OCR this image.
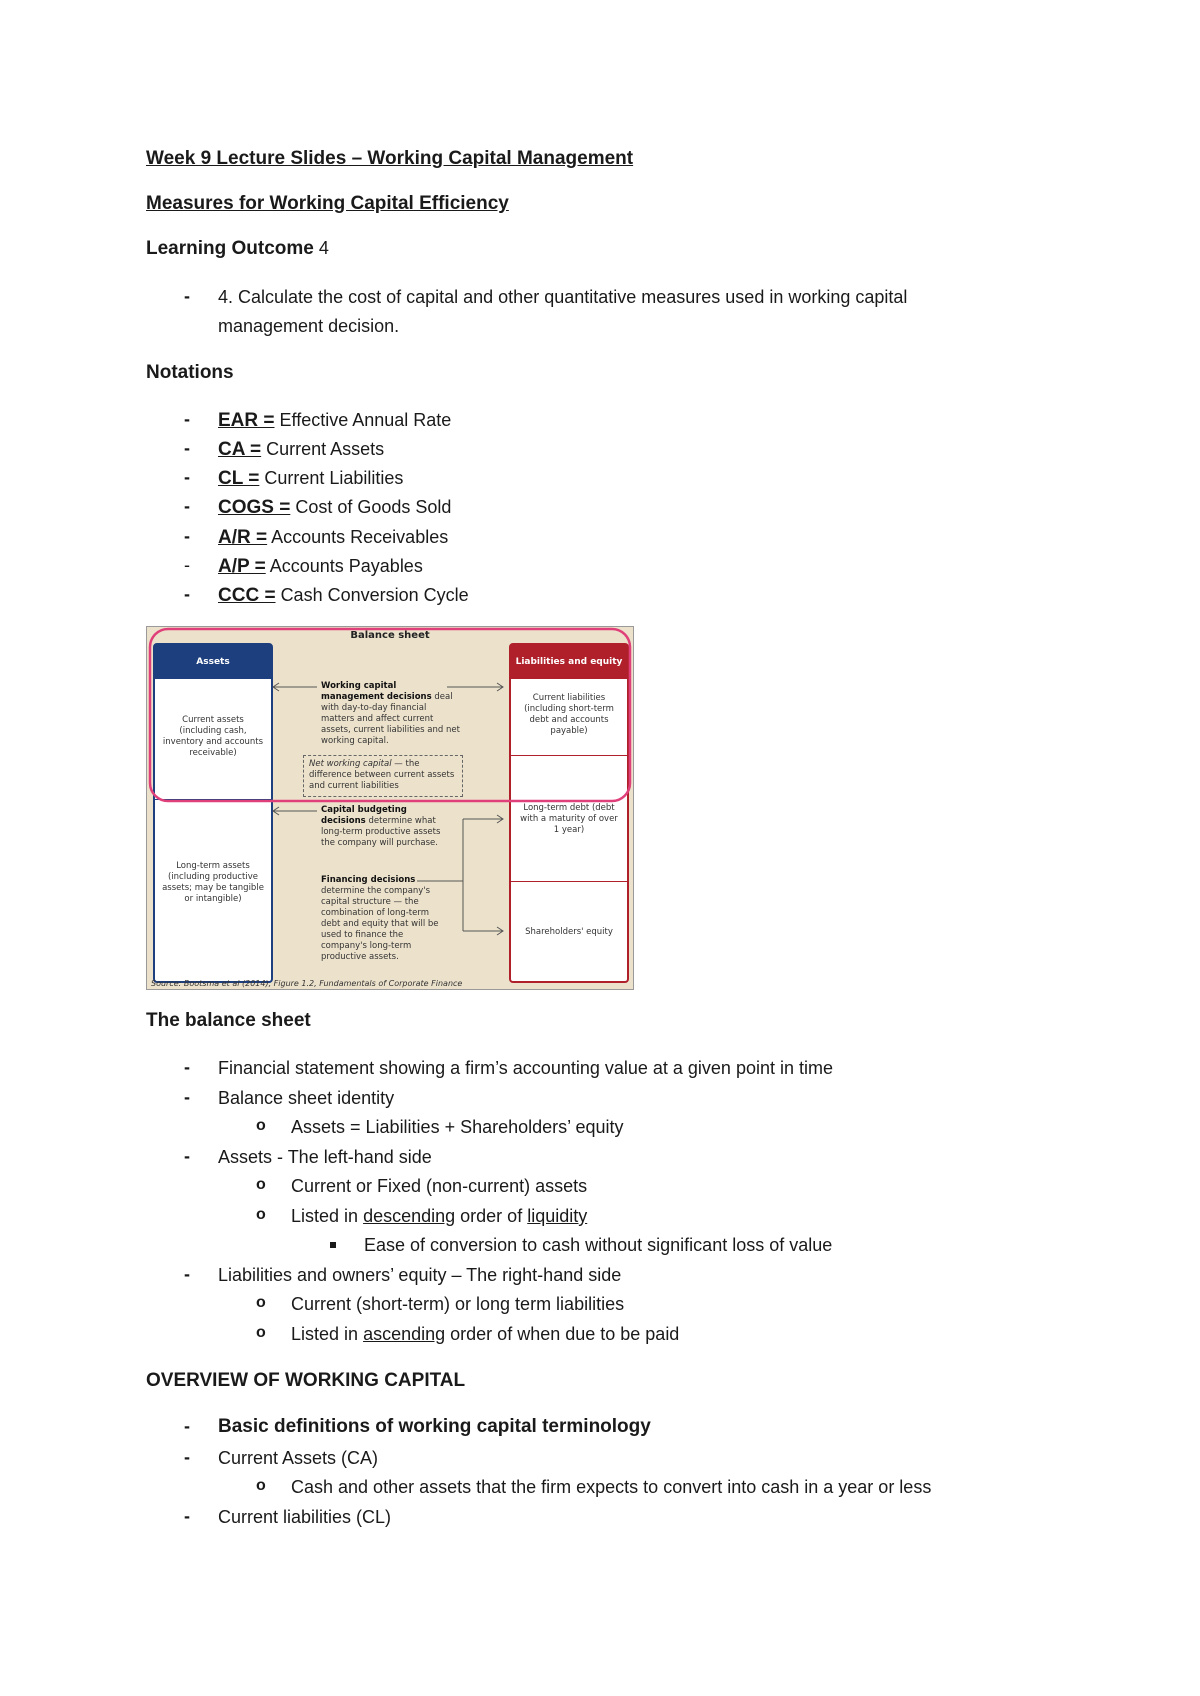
Week 9 Lecture Slides – Working Capital Management
Measures for Working Capital Efficiency
Learning Outcome 4
- 4. Calculate the cost of capital and other quantitative measures used in working capital
management decision.
Notations
- EAR = Effective Annual Rate
- CA = Current Assets
- CL = Current Liabilities
- COGS = Cost of Goods Sold
- A/R = Accounts Receivables
- A/P = Accounts Payables
- CCC = Cash Conversion Cycle
Balance sheet
Assets
Current assets (including cash, inventory and accounts receivable)
Long-term assets (including productive assets; may be tangible or intangible)
Liabilities and equity
Current liabilities (including short-term debt and accounts payable)
Long-term debt (debt with a maturity of over 1 year)
Shareholders' equity
Working capital management decisions deal with day-to-day financial matters and affect current assets, current liabilities and net working capital.
Net working capital — the difference between current assets and current liabilities
Capital budgeting decisions determine what long-term productive assets the company will purchase.
Financing decisions determine the company's capital structure — the combination of long-term debt and equity that will be used to finance the company's long-term productive assets.
Source: Bootsma et al (2014), Figure 1.2, Fundamentals of Corporate Finance
The balance sheet
- Financial statement showing a firm’s accounting value at a given point in time
- Balance sheet identity
o Assets = Liabilities + Shareholders’ equity
- Assets - The left-hand side
o Current or Fixed (non-current) assets
o Listed in descending order of liquidity
Ease of conversion to cash without significant loss of value
- Liabilities and owners’ equity – The right-hand side
o Current (short-term) or long term liabilities
o Listed in ascending order of when due to be paid
OVERVIEW OF WORKING CAPITAL
- Basic definitions of working capital terminology
- Current Assets (CA)
o Cash and other assets that the firm expects to convert into cash in a year or less
- Current liabilities (CL)
